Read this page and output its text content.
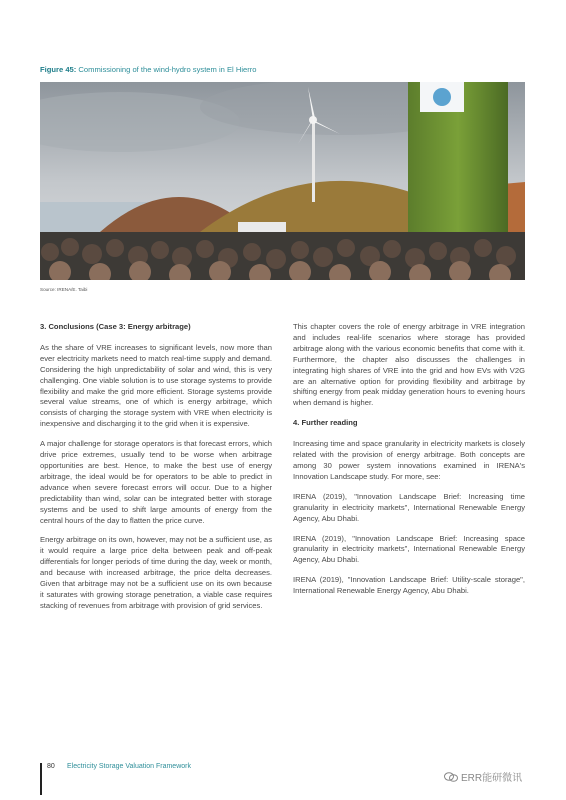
Figure 45: Commissioning of the wind-hydro system in El Hierro
Source: IRENA/E. Taibi

3. Conclusions (Case 3: Energy arbitrage)

As the share of VRE increases to significant levels, now more than ever electricity markets need to match real-time supply and demand. Considering the high unpredictability of solar and wind, this is very challenging. One viable solution is to use storage systems to provide flexibility and make the grid more efficient. Storage systems provide several value streams, one of which is energy arbitrage, which consists of charging the storage system with VRE when electricity is inexpensive and discharging it to the grid when it is expensive.

A major challenge for storage operators is that forecast errors, which drive price extremes, usually tend to be worse when arbitrage opportunities are best. Hence, to make the best use of energy arbitrage, the ideal would be for operators to be able to predict in advance when severe forecast errors will occur. Due to a higher predictability than wind, solar can be integrated better with storage systems and be used to shift large amounts of energy from the central hours of the day to flatten the price curve.

Energy arbitrage on its own, however, may not be a sufficient use, as it would require a large price delta between peak and off-peak differentials for longer periods of time during the day, week or month, and because with increased arbitrage, the price delta decreases. Given that arbitrage may not be a sufficient use on its own because it saturates with growing storage penetration, a viable case requires stacking of revenues from arbitrage with provision of grid services.

This chapter covers the role of energy arbitrage in VRE integration and includes real-life scenarios where storage has provided arbitrage along with the various economic benefits that come with it. Furthermore, the chapter also discusses the challenges in integrating high shares of VRE into the grid and how EVs with V2G are an alternative option for providing flexibility and arbitrage by shifting energy from peak midday generation hours to evening hours when demand is higher.

4. Further reading

Increasing time and space granularity in electricity markets is closely related with the provision of energy arbitrage. Both concepts are among 30 power system innovations examined in IRENA's Innovation Landscape study. For more, see:

IRENA (2019), "Innovation Landscape Brief: Increasing time granularity in electricity markets", International Renewable Energy Agency, Abu Dhabi.

IRENA (2019), "Innovation Landscape Brief: Increasing space granularity in electricity markets", International Renewable Energy Agency, Abu Dhabi.

IRENA (2019), "Innovation Landscape Brief: Utility-scale storage", International Renewable Energy Agency, Abu Dhabi.

80 Electricity Storage Valuation Framework
ERR能研微讯
